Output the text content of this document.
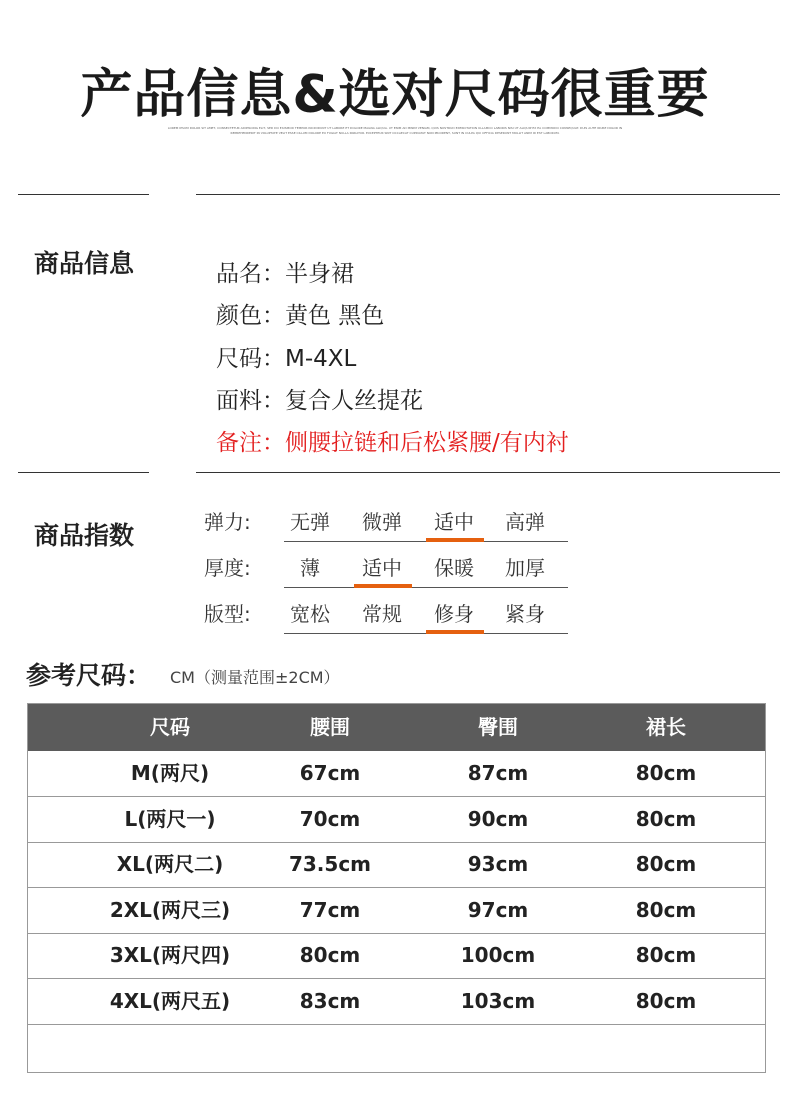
产品信息&选对尺码很重要
LOREM IPSUM DOLOR SIT AMET, CONSECTETUR ADIPISCING ELIT, SED DO EIUSMOD TEMPOR INCIDIDUNT UT LABORE ET DOLORE MAGNA ALIQUA. UT ENIM AD MINIM VENIAM, QUIS NOSTRUD EXERCITATION ULLAMCO LABORIS NISI UT ALIQUIP EX EA COMMODO CONSEQUAT. DUIS AUTE IRURE DOLOR IN REPREHENDERIT IN VOLUPTATE VELIT ESSE CILLUM DOLORE EU FUGIAT NULLA PARIATUR. EXCEPTEUR SINT OCCAECAT CUPIDATAT NON PROIDENT, SUNT IN CULPA QUI OFFICIA DESERUNT MOLLIT ANIM ID EST LABORUM.
商品信息	品名：半身裙
颜色：黄色 黑色
尺码：M-4XL
面料：复合人丝提花
备注：侧腰拉链和后松紧腰/有内衬
商品指数	弹力:	无弹	微弹	适中	高弹
厚度:	薄	适中	保暖	加厚
版型:	宽松	常规	修身	紧身
参考尺码： CM（测量范围±2CM）
尺码	腰围	臀围	裙长
M(两尺)	67cm	87cm	80cm
L(两尺一)	70cm	90cm	80cm
XL(两尺二)	73.5cm	93cm	80cm
2XL(两尺三)	77cm	97cm	80cm
3XL(两尺四)	80cm	100cm	80cm
4XL(两尺五)	83cm	103cm	80cm
